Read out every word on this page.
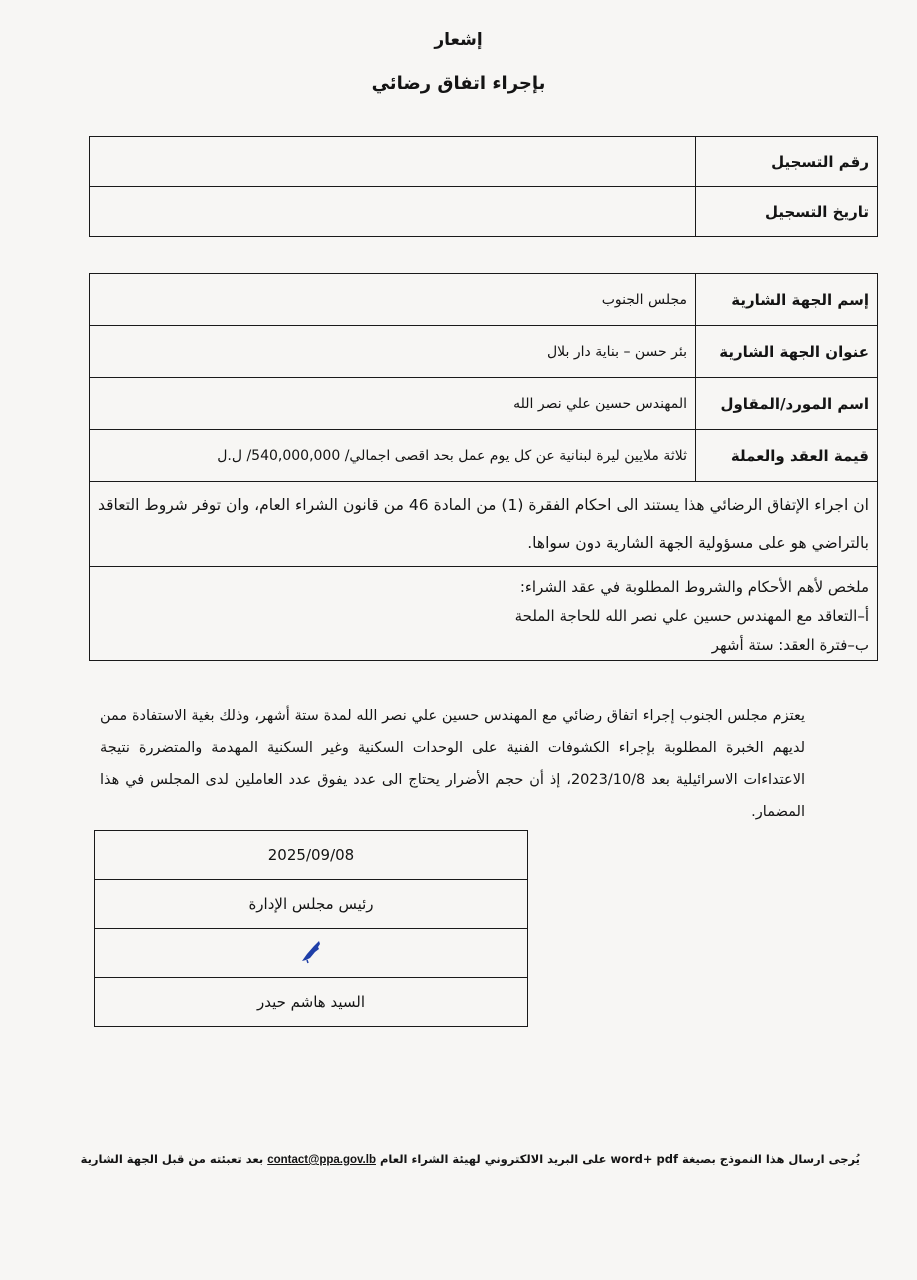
إشعار
بإجراء اتفاق رضائي
رقم التسجيل	
تاريخ التسجيل	
إسم الجهة الشارية	مجلس الجنوب
عنوان الجهة الشارية	بئر حسن – بناية دار بلال
اسم المورد/المقاول	المهندس حسين علي نصر الله
قيمة العقد والعملة	ثلاثة ملايين ليرة لبنانية عن كل يوم عمل بحد اقصى اجمالي/ 540,000,000/ ل.ل
ان اجراء الإتفاق الرضائي هذا يستند الى احكام الفقرة (1) من المادة 46 من قانون الشراء العام، وان توفر شروط التعاقد بالتراضي هو على مسؤولية الجهة الشارية دون سواها.	

ملخص لأهم الأحكام والشروط المطلوبة في عقد الشراء:
أ–التعاقد مع المهندس حسين علي نصر الله للحاجة الملحة
ب–فترة العقد: ستة أشهر	
يعتزم مجلس الجنوب إجراء اتفاق رضائي مع المهندس حسين علي نصر الله لمدة ستة أشهر، وذلك بغية الاستفادة ممن لديهم الخبرة المطلوبة بإجراء الكشوفات الفنية على الوحدات السكنية وغير السكنية المهدمة والمتضررة نتيجة الاعتداءات الاسرائيلية بعد 2023/10/8، إذ أن حجم الأضرار يحتاج الى عدد يفوق عدد العاملين لدى المجلس في هذا المضمار.
2025/09/08
رئيس مجلس الإدارة

السيد هاشم حيدر
يُرجى ارسال هذا النموذج بصيغة word+ pdf على البريد الالكتروني لهيئة الشراء العام contact@ppa.gov.lb بعد تعبئته من قبل الجهة الشارية
